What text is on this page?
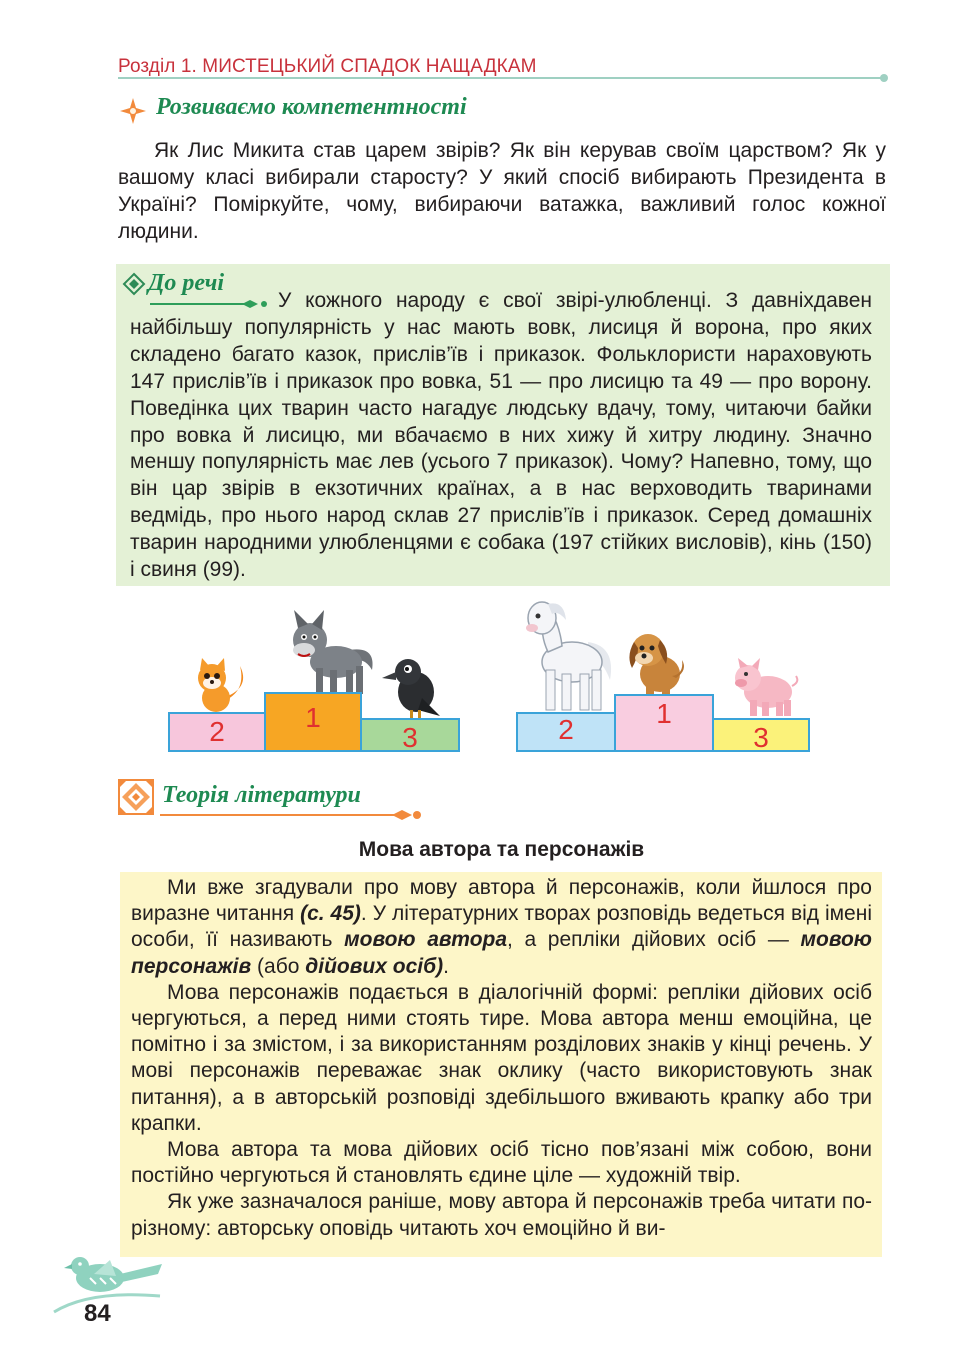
Розділ 1. МИСТЕЦЬКИЙ СПАДОК НАЩАДКАМ
Розвиваємо компетентності

Як Лис Микита став царем звірів? Як він керував своїм царством? Як у вашому класі вибирали старосту? У який спосіб вибирають Президента в Україні? Поміркуйте, чому, вибираючи ватажка, важливий голос кожної людини.

До речі
У кожного народу є свої звірі-улюбленці. З давніхдавен найбільшу популярність у нас мають вовк, лисиця й ворона, про яких складено багато казок, прислів’їв і приказок. Фольклористи нараховують 147 прислів’їв і приказок про вовка, 51 — про лисицю та 49 — про ворону. Поведінка цих тварин часто нагадує людську вдачу, тому, читаючи байки про вовка й лисицю, ми вбачаємо в них хижу й хитру людину. Значно меншу популярність має лев (усього 7 приказок). Чому? Напевно, тому, що він цар звірів в екзотичних країнах, а в нас верховодить тваринами ведмідь, про нього народ склав 27 прислів’їв і приказок. Серед домашніх тварин народними улюбленцями є собака (197 стійких висловів), кінь (150) і свиня (99).
2	1
3	2
1
3
Теорія літератури
Мова автора та персонажів

Ми вже згадували про мову автора й персонажів, коли йшлося про виразне читання (с. 45). У літературних творах розповідь ведеться від імені особи, її називають мовою автора, а репліки дійових осіб — мовою персонажів (або дійових осіб).

Мова персонажів подається в діалогічній формі: репліки дійових осіб чергуються, а перед ними стоять тире. Мова автора менш емоційна, це помітно і за змістом, і за використанням розділових знаків у кінці речень. У мові персонажів переважає знак оклику (часто використовують знак питання), а в авторській розповіді здебільшого вживають крапку або три крапки.

Мова автора та мова дійових осіб тісно пов’язані між собою, вони постійно чергуються й становлять єдине ціле — художній твір.

Як уже зазначалося раніше, мову автора й персонажів треба читати по-різному: авторську оповідь читають хоч емоційно й ви-

84
